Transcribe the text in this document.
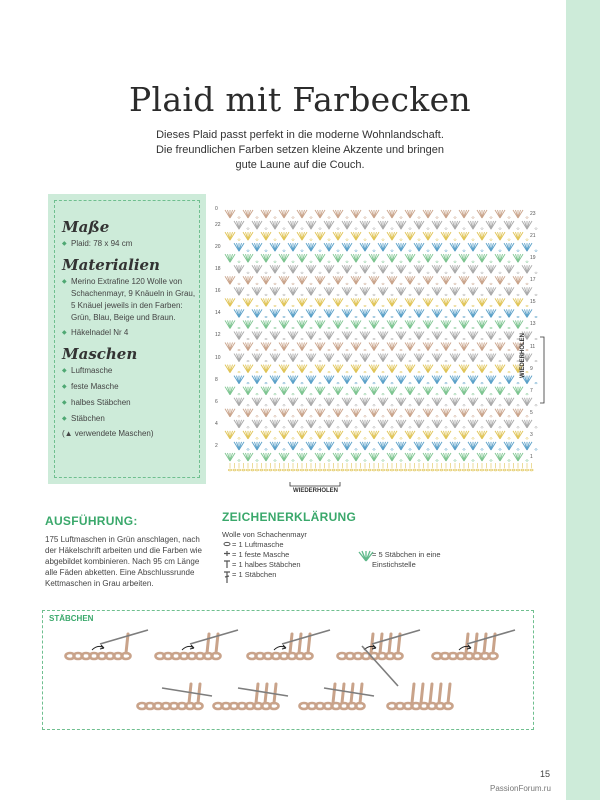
Plaid mit Farbecken

Dieses Plaid passt perfekt in die moderne Wohnlandschaft. Die freundlichen Farben setzen kleine Akzente und bringen gute Laune auf die Couch.

Maße
◆ Plaid: 78 x 94 cm
Materialien
◆ Merino Extrafine 120 Wolle von Schachenmayr, 9 Knäueln in Grau, 5 Knäuel jeweils in den Farben: Grün, Blau, Beige und Braun.
◆ Häkelnadel Nr 4
Maschen
◆ Luftmasche
◆ feste Masche
◆ halbes Stäbchen
◆ Stäbchen
(▲ verwendete Maschen)
22
20
18
16
14
12
10
8
6
4
2
23
21
19
17
15
13
11
9
7
5
3
1
0
WIEDERHOLEN
WIEDERHOLEN
AUSFÜHRUNG:
175 Luftmaschen in Grün anschlagen, nach der Häkelschrift arbeiten und die Farben wie abgebildet kombinieren. Nach 95 cm Länge alle Fäden abketten. Eine Abschlussrunde Kettmaschen in Grau arbeiten.
ZEICHENERKLÄRUNG
Wolle von Schachenmayr
= 1 Luftmasche
= 1 feste Masche
= 1 halbes Stäbchen
= 1 Stäbchen
= 5 Stäbchen in eine Einstichstelle
STÄBCHEN
15
PassionForum.ru
